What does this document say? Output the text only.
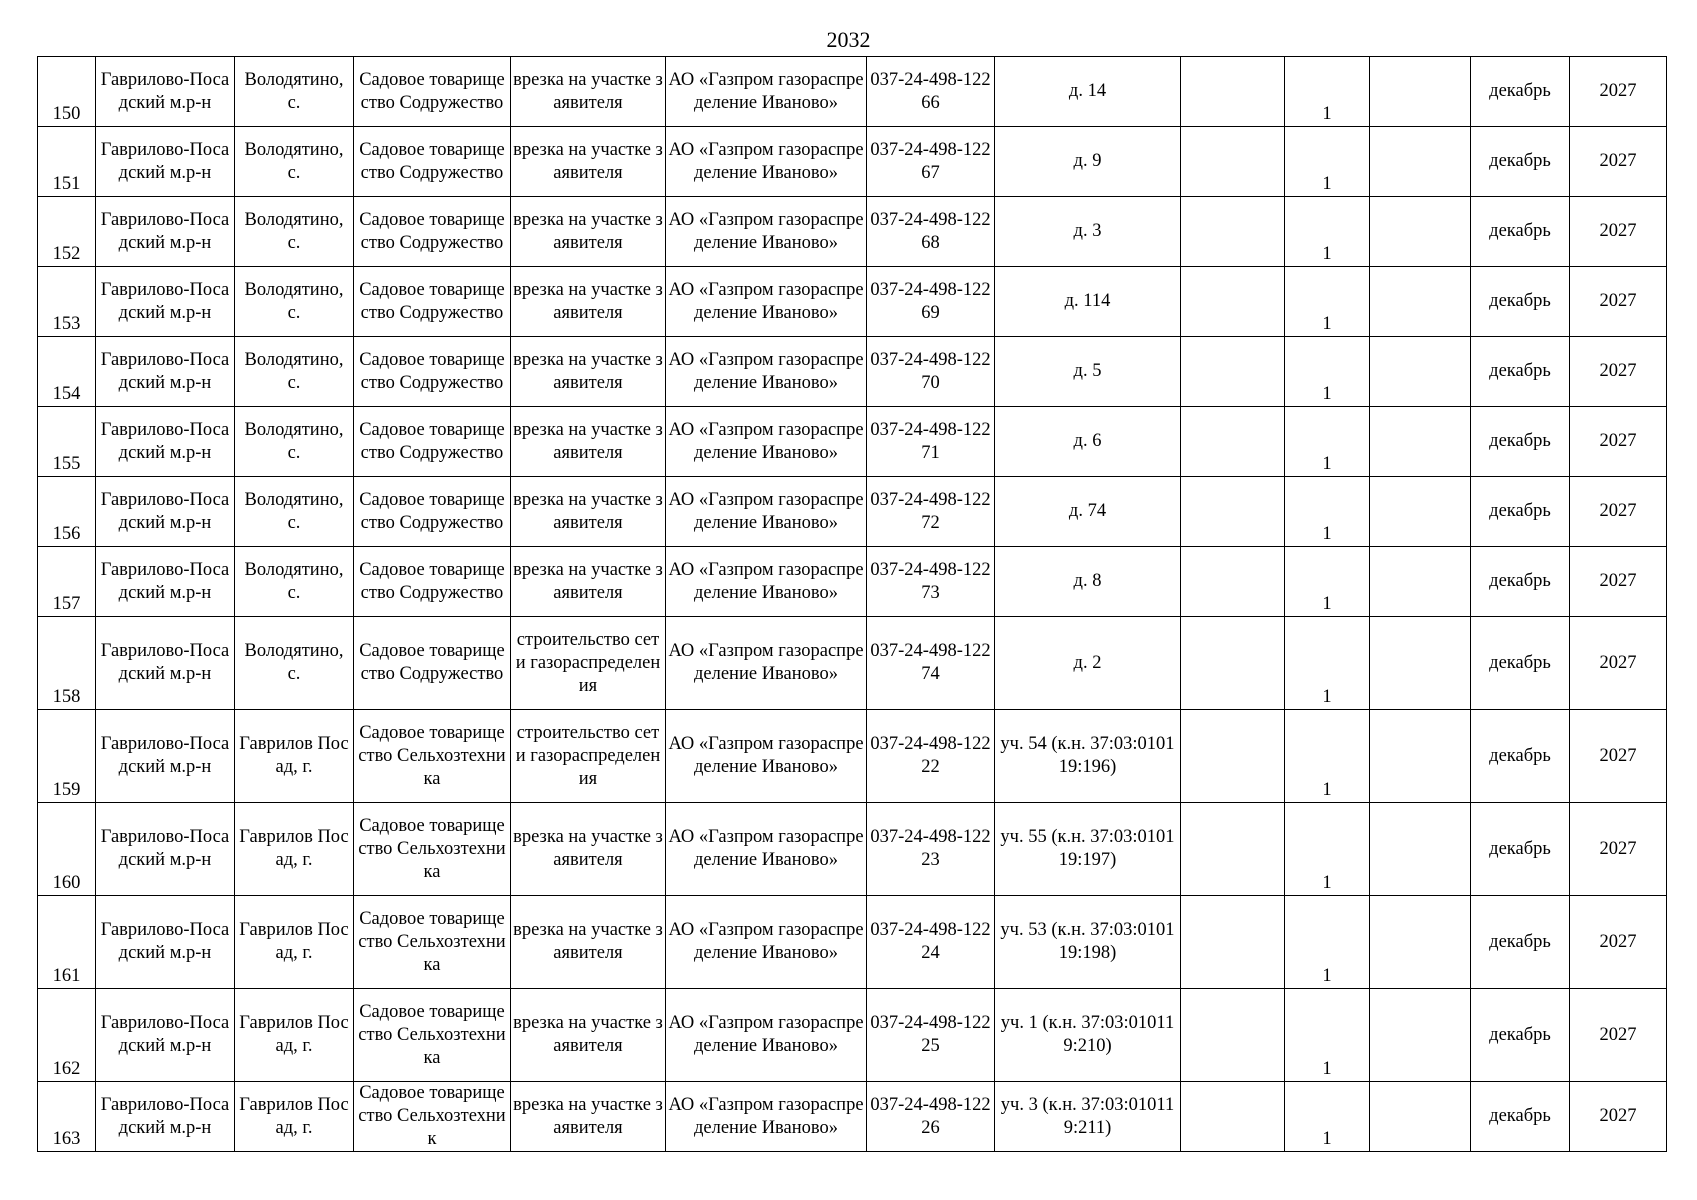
2032
150	Гаврилово-Посадский м.р-н	Володятино, с.	Садовое товарищество Содружество	врезка на участке заявителя	АО «Газпром газораспределение Иваново»	037-24-498-12266	д. 14		1		декабрь	2027
151	Гаврилово-Посадский м.р-н	Володятино, с.	Садовое товарищество Содружество	врезка на участке заявителя	АО «Газпром газораспределение Иваново»	037-24-498-12267	д. 9		1		декабрь	2027
152	Гаврилово-Посадский м.р-н	Володятино, с.	Садовое товарищество Содружество	врезка на участке заявителя	АО «Газпром газораспределение Иваново»	037-24-498-12268	д. 3		1		декабрь	2027
153	Гаврилово-Посадский м.р-н	Володятино, с.	Садовое товарищество Содружество	врезка на участке заявителя	АО «Газпром газораспределение Иваново»	037-24-498-12269	д. 114		1		декабрь	2027
154	Гаврилово-Посадский м.р-н	Володятино, с.	Садовое товарищество Содружество	врезка на участке заявителя	АО «Газпром газораспределение Иваново»	037-24-498-12270	д. 5		1		декабрь	2027
155	Гаврилово-Посадский м.р-н	Володятино, с.	Садовое товарищество Содружество	врезка на участке заявителя	АО «Газпром газораспределение Иваново»	037-24-498-12271	д. 6		1		декабрь	2027
156	Гаврилово-Посадский м.р-н	Володятино, с.	Садовое товарищество Содружество	врезка на участке заявителя	АО «Газпром газораспределение Иваново»	037-24-498-12272	д. 74		1		декабрь	2027
157	Гаврилово-Посадский м.р-н	Володятино, с.	Садовое товарищество Содружество	врезка на участке заявителя	АО «Газпром газораспределение Иваново»	037-24-498-12273	д. 8		1		декабрь	2027
158	Гаврилово-Посадский м.р-н	Володятино, с.	Садовое товарищество Содружество	строительство сети газораспределения	АО «Газпром газораспределение Иваново»	037-24-498-12274	д. 2		1		декабрь	2027
159	Гаврилово-Посадский м.р-н	Гаврилов Посад, г.	Садовое товарищество Сельхозтехника	строительство сети газораспределения	АО «Газпром газораспределение Иваново»	037-24-498-12222	уч. 54 (к.н. 37:03:010119:196)		1		декабрь	2027
160	Гаврилово-Посадский м.р-н	Гаврилов Посад, г.	Садовое товарищество Сельхозтехника	врезка на участке заявителя	АО «Газпром газораспределение Иваново»	037-24-498-12223	уч. 55 (к.н. 37:03:010119:197)		1		декабрь	2027
161	Гаврилово-Посадский м.р-н	Гаврилов Посад, г.	Садовое товарищество Сельхозтехника	врезка на участке заявителя	АО «Газпром газораспределение Иваново»	037-24-498-12224	уч. 53 (к.н. 37:03:010119:198)		1		декабрь	2027
162	Гаврилово-Посадский м.р-н	Гаврилов Посад, г.	Садовое товарищество Сельхозтехника	врезка на участке заявителя	АО «Газпром газораспределение Иваново»	037-24-498-12225	уч. 1 (к.н. 37:03:010119:210)		1		декабрь	2027
163	Гаврилово-Посадский м.р-н	Гаврилов Посад, г.	Садовое товарищество Сельхозтехник	врезка на участке заявителя	АО «Газпром газораспределение Иваново»	037-24-498-12226	уч. 3 (к.н. 37:03:010119:211)		1		декабрь	2027
